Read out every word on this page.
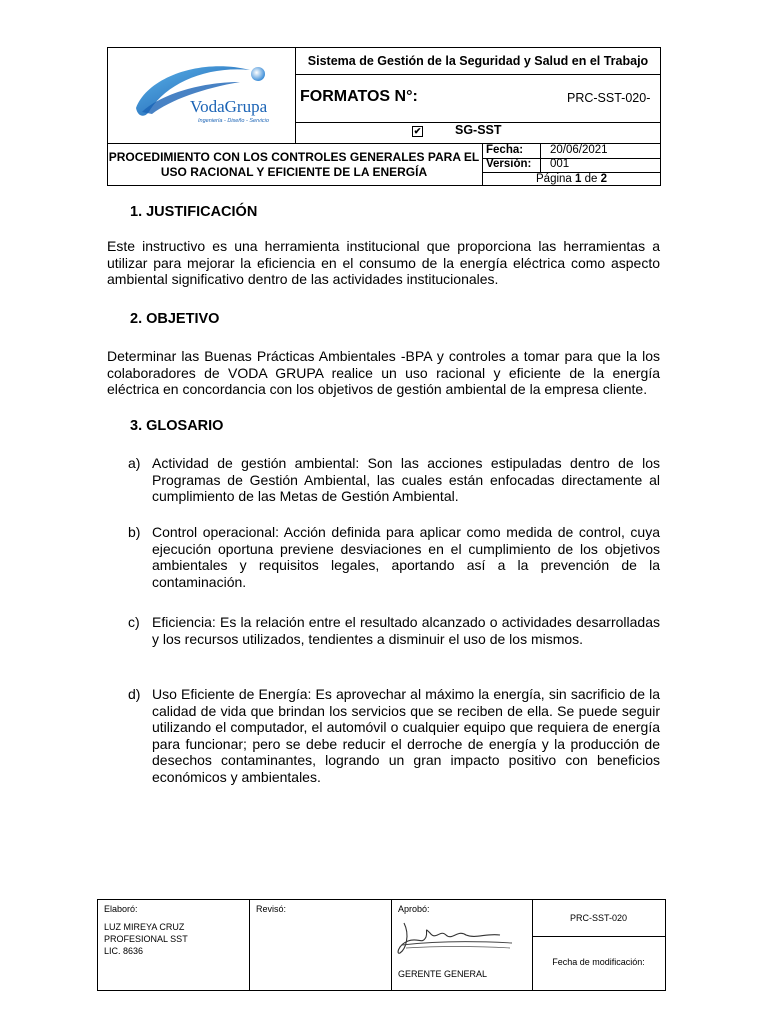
VodaGrupa
Ingeniería - Diseño - Servicio
Sistema de Gestión de la Seguridad y Salud en el Trabajo
FORMATOS N°:	PRC-SST-020-
✔	SG-SST
PROCEDIMIENTO CON LOS CONTROLES GENERALES PARA EL USO RACIONAL Y EFICIENTE DE LA ENERGÍA
Fecha: 20/06/2021
Versión: 001
Página 1 de 2
1. JUSTIFICACIÓN
Este instructivo es una herramienta institucional que proporciona las herramientas a utilizar para mejorar la eficiencia en el consumo de la energía eléctrica como aspecto ambiental significativo dentro de las actividades institucionales.
2. OBJETIVO
Determinar las Buenas Prácticas Ambientales -BPA y controles a tomar para que la los colaboradores de VODA GRUPA realice un uso racional y eficiente de la energía eléctrica en concordancia con los objetivos de gestión ambiental de la empresa cliente.
3. GLOSARIO
a) Actividad de gestión ambiental: Son las acciones estipuladas dentro de los Programas de Gestión Ambiental, las cuales están enfocadas directamente al cumplimiento de las Metas de Gestión Ambiental.
b) Control operacional: Acción definida para aplicar como medida de control, cuya ejecución oportuna previene desviaciones en el cumplimiento de los objetivos ambientales y requisitos legales, aportando así a la prevención de la contaminación.
c) Eficiencia: Es la relación entre el resultado alcanzado o actividades desarrolladas y los recursos utilizados, tendientes a disminuir el uso de los mismos.
d) Uso Eficiente de Energía: Es aprovechar al máximo la energía, sin sacrificio de la calidad de vida que brindan los servicios que se reciben de ella. Se puede seguir utilizando el computador, el automóvil o cualquier equipo que requiera de energía para funcionar; pero se debe reducir el derroche de energía y la producción de desechos contaminantes, logrando un gran impacto positivo con beneficios económicos y ambientales.
Elaboró:
LUZ MIREYA CRUZ
PROFESIONAL SST
LIC. 8636
Revisó:	Aprobó:
GERENTE GENERAL
PRC-SST-020
Fecha de modificación:
